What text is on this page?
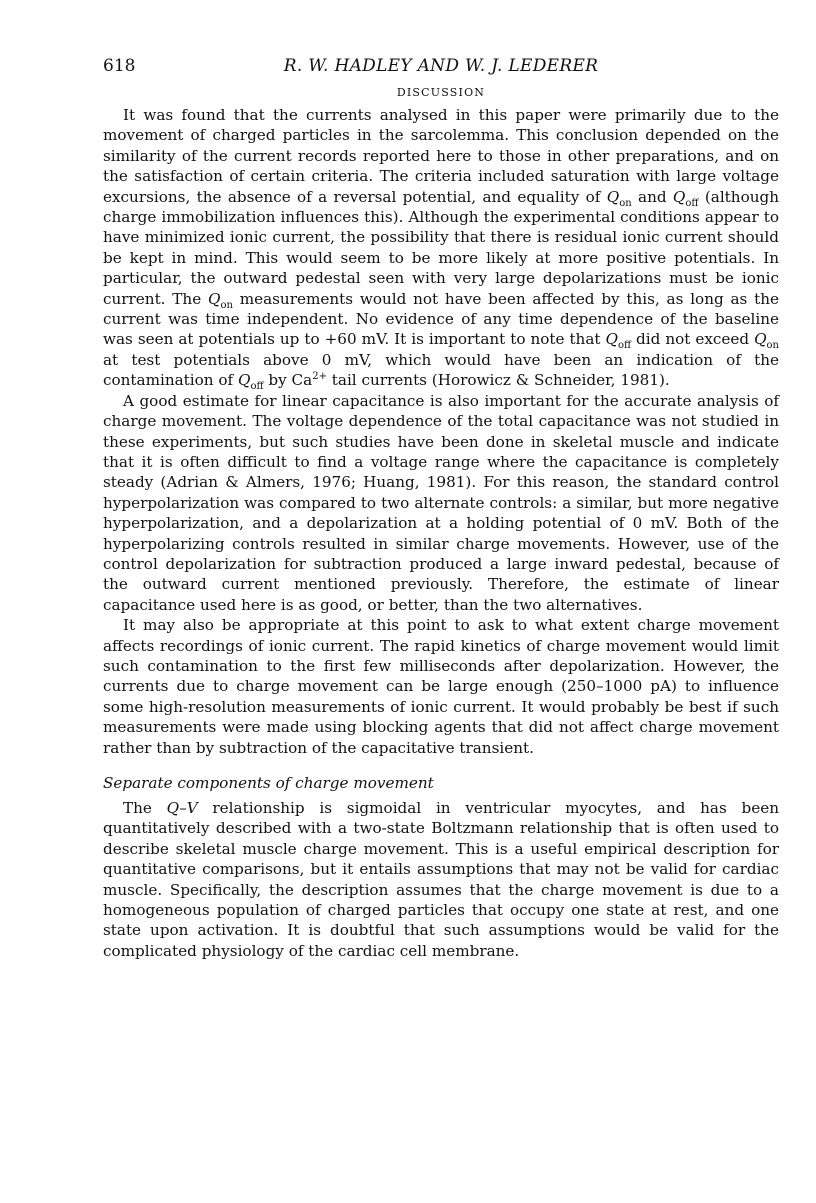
618	R. W. HADLEY AND W. J. LEDERER
DISCUSSION

It was found that the currents analysed in this paper were primarily due to the movement of charged particles in the sarcolemma. This conclusion depended on the similarity of the current records reported here to those in other preparations, and on the satisfaction of certain criteria. The criteria included saturation with large voltage excursions, the absence of a reversal potential, and equality of $Q_{on}$ and $Q_{off}$ (although charge immobilization influences this). Although the experimental conditions appear to have minimized ionic current, the possibility that there is residual ionic current should be kept in mind. This would seem to be more likely at more positive potentials. In particular, the outward pedestal seen with very large depolarizations must be ionic current. The $Q_{on}$ measurements would not have been affected by this, as long as the current was time independent. No evidence of any time dependence of the baseline was seen at potentials up to +60 mV. It is important to note that $Q_{off}$ did not exceed $Q_{on}$ at test potentials above 0 mV, which would have been an indication of the contamination of $Q_{off}$ by $Ca^{2+}$ tail currents (Horowicz & Schneider, 1981).

A good estimate for linear capacitance is also important for the accurate analysis of charge movement. The voltage dependence of the total capacitance was not studied in these experiments, but such studies have been done in skeletal muscle and indicate that it is often difficult to find a voltage range where the capacitance is completely steady (Adrian & Almers, 1976; Huang, 1981). For this reason, the standard control hyperpolarization was compared to two alternate controls: a similar, but more negative hyperpolarization, and a depolarization at a holding potential of 0 mV. Both of the hyperpolarizing controls resulted in similar charge movements. However, use of the control depolarization for subtraction produced a large inward pedestal, because of the outward current mentioned previously. Therefore, the estimate of linear capacitance used here is as good, or better, than the two alternatives.

It may also be appropriate at this point to ask to what extent charge movement affects recordings of ionic current. The rapid kinetics of charge movement would limit such contamination to the first few milliseconds after depolarization. However, the currents due to charge movement can be large enough (250–1000 pA) to influence some high-resolution measurements of ionic current. It would probably be best if such measurements were made using blocking agents that did not affect charge movement rather than by subtraction of the capacitative transient.

Separate components of charge movement

The Q–V relationship is sigmoidal in ventricular myocytes, and has been quantitatively described with a two-state Boltzmann relationship that is often used to describe skeletal muscle charge movement. This is a useful empirical description for quantitative comparisons, but it entails assumptions that may not be valid for cardiac muscle. Specifically, the description assumes that the charge movement is due to a homogeneous population of charged particles that occupy one state at rest, and one state upon activation. It is doubtful that such assumptions would be valid for the complicated physiology of the cardiac cell membrane.
